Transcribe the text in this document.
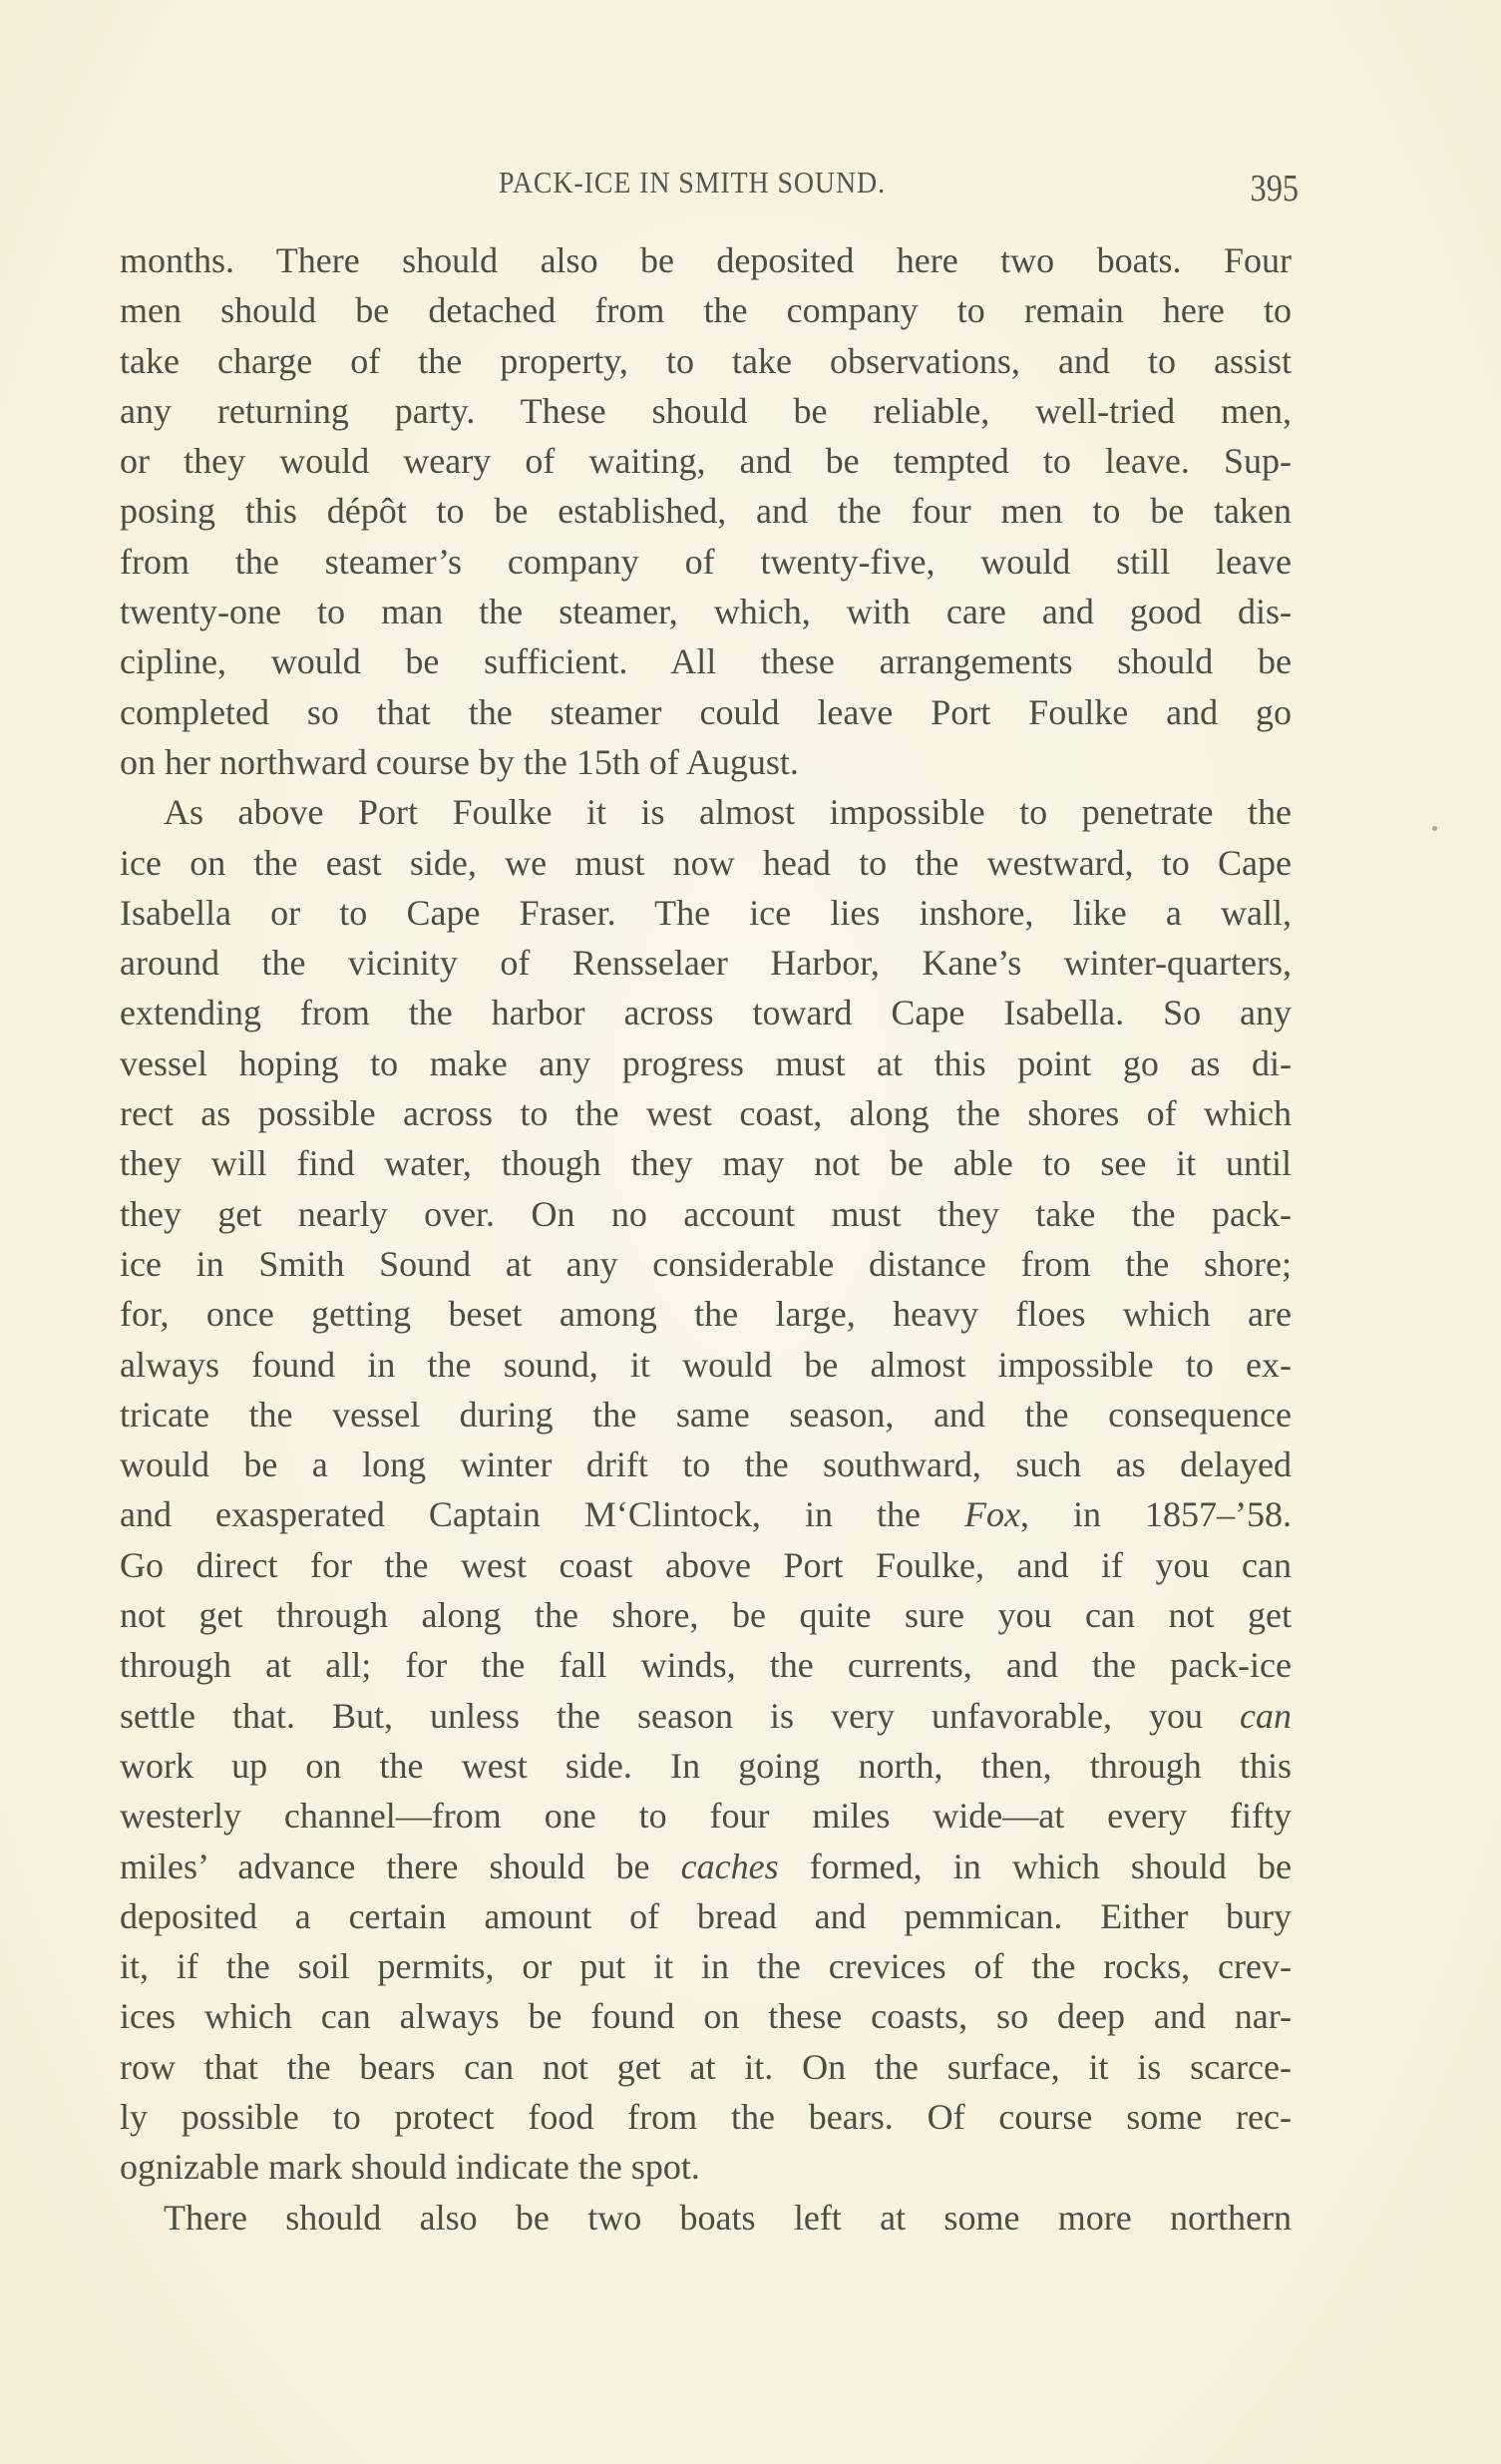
PACK-ICE IN SMITH SOUND.	395
months. There should also be deposited here two boats. Four
men should be detached from the company to remain here to
take charge of the property, to take observations, and to assist
any returning party. These should be reliable, well-tried men,
or they would weary of waiting, and be tempted to leave. Sup-
posing this dépôt to be established, and the four men to be taken
from the steamer’s company of twenty-five, would still leave
twenty-one to man the steamer, which, with care and good dis-
cipline, would be sufficient. All these arrangements should be
completed so that the steamer could leave Port Foulke and go
on her northward course by the 15th of August.
As above Port Foulke it is almost impossible to penetrate the
ice on the east side, we must now head to the westward, to Cape
Isabella or to Cape Fraser. The ice lies inshore, like a wall,
around the vicinity of Rensselaer Harbor, Kane’s winter-quarters,
extending from the harbor across toward Cape Isabella. So any
vessel hoping to make any progress must at this point go as di-
rect as possible across to the west coast, along the shores of which
they will find water, though they may not be able to see it until
they get nearly over. On no account must they take the pack-
ice in Smith Sound at any considerable distance from the shore;
for, once getting beset among the large, heavy floes which are
always found in the sound, it would be almost impossible to ex-
tricate the vessel during the same season, and the consequence
would be a long winter drift to the southward, such as delayed
and exasperated Captain M‘Clintock, in the Fox, in 1857–’58.
Go direct for the west coast above Port Foulke, and if you can
not get through along the shore, be quite sure you can not get
through at all; for the fall winds, the currents, and the pack-ice
settle that. But, unless the season is very unfavorable, you can
work up on the west side. In going north, then, through this
westerly channel—from one to four miles wide—at every fifty
miles’ advance there should be caches formed, in which should be
deposited a certain amount of bread and pemmican. Either bury
it, if the soil permits, or put it in the crevices of the rocks, crev-
ices which can always be found on these coasts, so deep and nar-
row that the bears can not get at it. On the surface, it is scarce-
ly possible to protect food from the bears. Of course some rec-
ognizable mark should indicate the spot.
There should also be two boats left at some more northern
